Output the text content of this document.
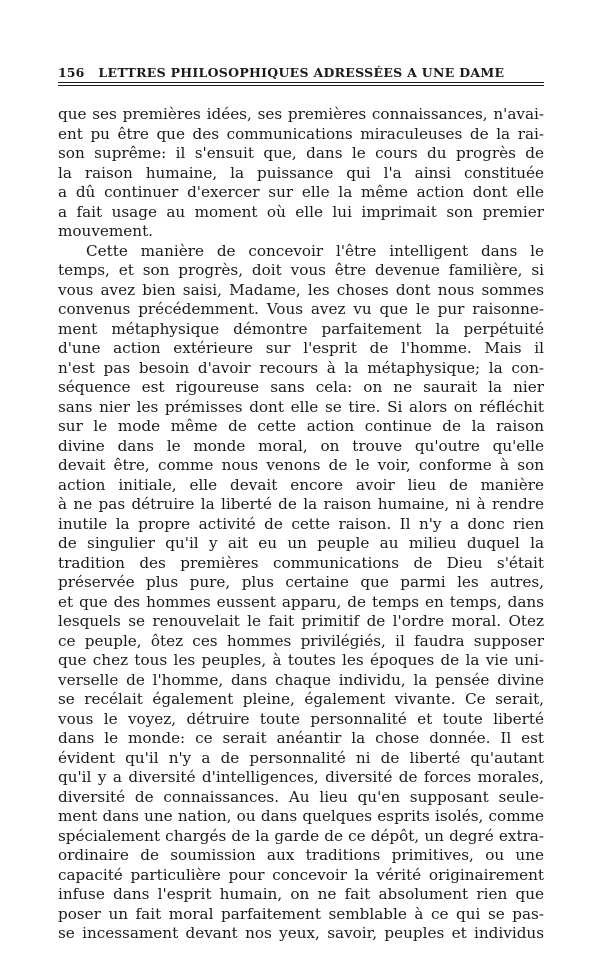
156 LETTRES PHILOSOPHIQUES ADRESSÉES A UNE DAME
que ses premières idées, ses premières connaissances, n'avai-
ent pu être que des communications miraculeuses de la rai-
son suprême: il s'ensuit que, dans le cours du progrès de
la raison humaine, la puissance qui l'a ainsi constituée
a dû continuer d'exercer sur elle la même action dont elle
a fait usage au moment où elle lui imprimait son premier
mouvement.
Cette manière de concevoir l'être intelligent dans le
temps, et son progrès, doit vous être devenue familière, si
vous avez bien saisi, Madame, les choses dont nous sommes
convenus précédemment. Vous avez vu que le pur raisonne-
ment métaphysique démontre parfaitement la perpétuité
d'une action extérieure sur l'esprit de l'homme. Mais il
n'est pas besoin d'avoir recours à la métaphysique; la con-
séquence est rigoureuse sans cela: on ne saurait la nier
sans nier les prémisses dont elle se tire. Si alors on réfléchit
sur le mode même de cette action continue de la raison
divine dans le monde moral, on trouve qu'outre qu'elle
devait être, comme nous venons de le voir, conforme à son
action initiale, elle devait encore avoir lieu de manière
à ne pas détruire la liberté de la raison humaine, ni à rendre
inutile la propre activité de cette raison. Il n'y a donc rien
de singulier qu'il y ait eu un peuple au milieu duquel la
tradition des premières communications de Dieu s'était
préservée plus pure, plus certaine que parmi les autres,
et que des hommes eussent apparu, de temps en temps, dans
lesquels se renouvelait le fait primitif de l'ordre moral. Otez
ce peuple, ôtez ces hommes privilégiés, il faudra supposer
que chez tous les peuples, à toutes les époques de la vie uni-
verselle de l'homme, dans chaque individu, la pensée divine
se recélait également pleine, également vivante. Ce serait,
vous le voyez, détruire toute personnalité et toute liberté
dans le monde: ce serait anéantir la chose donnée. Il est
évident qu'il n'y a de personnalité ni de liberté qu'autant
qu'il y a diversité d'intelligences, diversité de forces morales,
diversité de connaissances. Au lieu qu'en supposant seule-
ment dans une nation, ou dans quelques esprits isolés, comme
spécialement chargés de la garde de ce dépôt, un degré extra-
ordinaire de soumission aux traditions primitives, ou une
capacité particulière pour concevoir la vérité originairement
infuse dans l'esprit humain, on ne fait absolument rien que
poser un fait moral parfaitement semblable à ce qui se pas-
se incessament devant nos yeux, savoir, peuples et individus
